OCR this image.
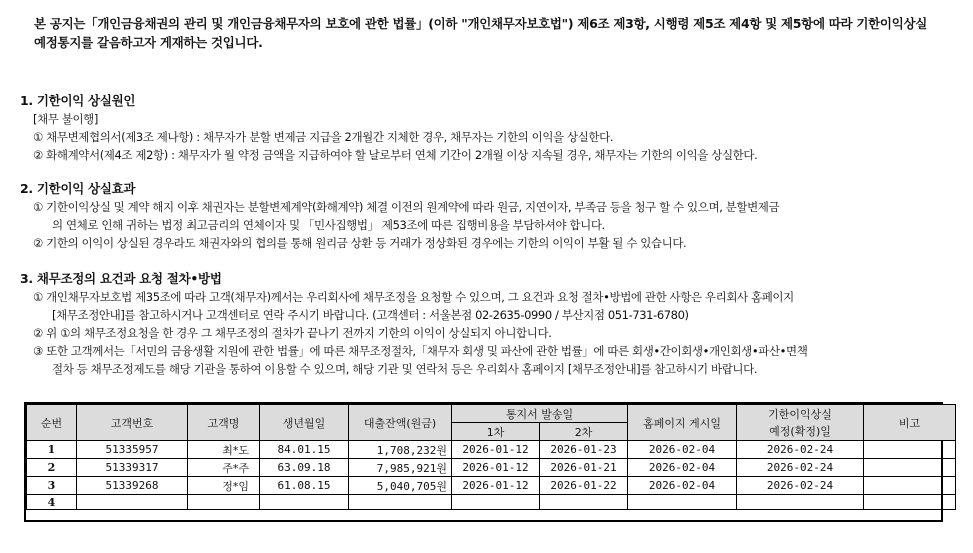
본 공지는「개인금융채권의 관리 및 개인금융채무자의 보호에 관한 법률」(이하 "개인채무자보호법") 제6조 제3항, 시행령 제5조 제4항 및 제5항에 따라 기한이익상실
예정통지를 갈음하고자 게재하는 것입니다.
1. 기한이익 상실원인
[채무 불이행]
① 채무변제협의서(제3조 제나항) : 채무자가 분할 변제금 지급을 2개월간 지체한 경우, 채무자는 기한의 이익을 상실한다.
② 화해계약서(제4조 제2항) : 채무자가 월 약정 금액을 지급하여야 할 날로부터 연체 기간이 2개월 이상 지속될 경우, 채무자는 기한의 이익을 상실한다.
2. 기한이익 상실효과
① 기한이익상실 및 계약 해지 이후 채권자는 분할변제계약(화해계약) 체결 이전의 원계약에 따라 원금, 지연이자, 부족금 등을 청구 할 수 있으며, 분할변제금
의 연체로 인해 귀하는 법정 최고금리의 연체이자 및 「민사집행법」 제53조에 따른 집행비용을 부담하셔야 합니다.
② 기한의 이익이 상실된 경우라도 채권자와의 협의를 통해 원리금 상환 등 거래가 정상화된 경우에는 기한의 이익이 부활 될 수 있습니다.
3. 채무조정의 요건과 요청 절차•방법
① 개인채무자보호법 제35조에 따라 고객(채무자)께서는 우리회사에 채무조정을 요청할 수 있으며, 그 요건과 요청 절차•방법에 관한 사항은 우리회사 홈페이지
[채무조정안내]를 참고하시거나 고객센터로 연락 주시기 바랍니다. (고객센터 : 서울본점 02-2635-0990 / 부산지점 051-731-6780)
② 위 ①의 채무조정요청을 한 경우 그 채무조정의 절차가 끝나기 전까지 기한의 이익이 상실되지 아니합니다.
③ 또한 고객께서는「서민의 금융생활 지원에 관한 법률」에 따른 채무조정절차,「채무자 회생 및 파산에 관한 법률」에 따른 회생•간이회생•개인회생•파산•면책
절차 등 채무조정제도를 해당 기관을 통하여 이용할 수 있으며, 해당 기관 및 연락처 등은 우리회사 홈페이지 [채무조정안내]를 참고하시기 바랍니다.
순번	고객번호	고객명	생년월일	대출잔액(원금)	통지서 발송일		홈페이지 게시일	기한이익상실
예정(확정)일	비고
					1차	2차			
1	51335957	최*도	84.01.15	1,708,232원	2026-01-12	2026-01-23	2026-02-04	2026-02-24	
2	51339317	주*주	63.09.18	7,985,921원	2026-01-12	2026-01-21	2026-02-04	2026-02-24	
3	51339268	정*임	61.08.15	5,040,705원	2026-01-12	2026-01-22	2026-02-04	2026-02-24	
4									
